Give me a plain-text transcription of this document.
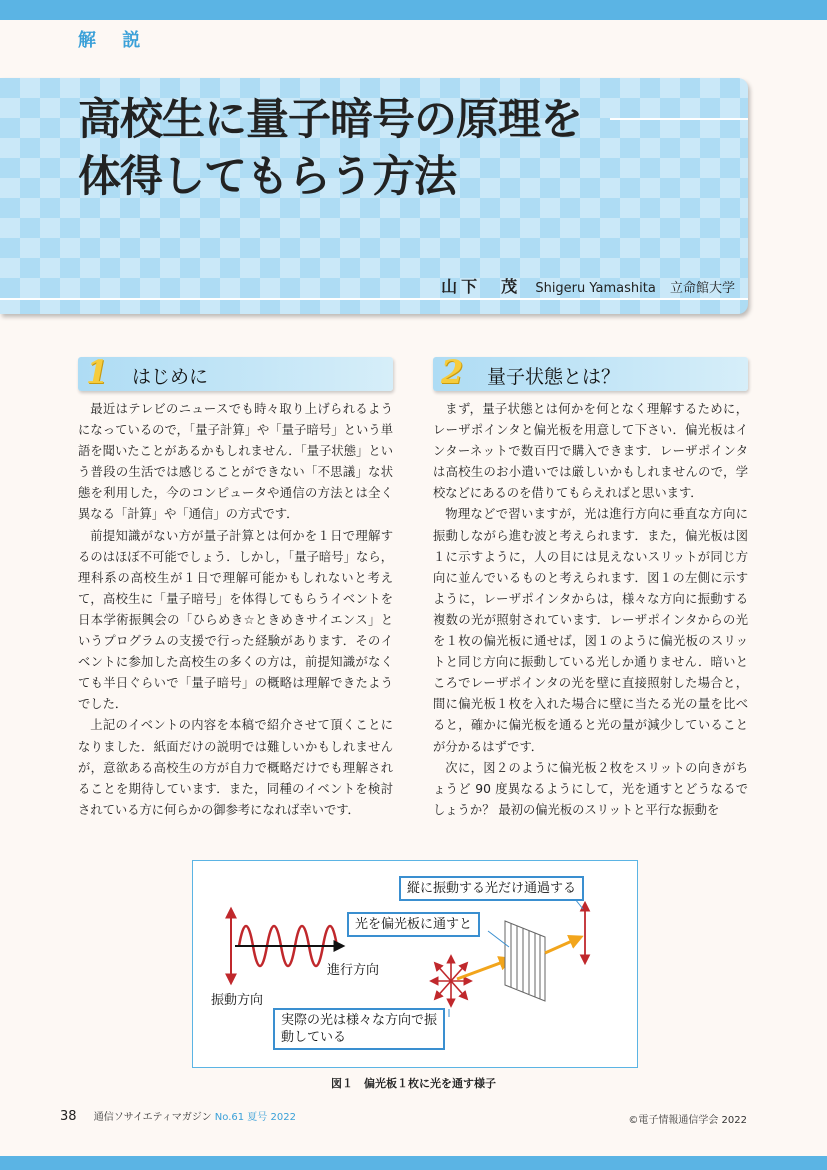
解 説
高校生に量子暗号の原理を
体得してもらう方法
山下　茂 Shigeru Yamashita 立命館大学
1 はじめに	2 量子状態とは？

最近はテレビのニュースでも時々取り上げられるようになっているので，「量子計算」や「量子暗号」という単語を聞いたことがあるかもしれません．「量子状態」という普段の生活では感じることができない「不思議」な状態を利用した，今のコンピュータや通信の方法とは全く異なる「計算」や「通信」の方式です．

前提知識がない方が量子計算とは何かを１日で理解するのはほぼ不可能でしょう．しかし，「量子暗号」なら，理科系の高校生が１日で理解可能かもしれないと考えて，高校生に「量子暗号」を体得してもらうイベントを日本学術振興会の「ひらめき☆ときめきサイエンス」というプログラムの支援で行った経験があります．そのイベントに参加した高校生の多くの方は，前提知識がなくても半日ぐらいで「量子暗号」の概略は理解できたようでした．

上記のイベントの内容を本稿で紹介させて頂くことになりました．紙面だけの説明では難しいかもしれませんが，意欲ある高校生の方が自力で概略だけでも理解されることを期待しています．また，同種のイベントを検討されている方に何らかの御参考になれば幸いです．

まず，量子状態とは何かを何となく理解するために，レーザポインタと偏光板を用意して下さい．偏光板はインターネットで数百円で購入できます．レーザポインタは高校生のお小遣いでは厳しいかもしれませんので，学校などにあるのを借りてもらえればと思います．

物理などで習いますが，光は進行方向に垂直な方向に振動しながら進む波と考えられます．また，偏光板は図１に示すように，人の目には見えないスリットが同じ方向に並んでいるものと考えられます．図１の左側に示すように，レーザポインタからは，様々な方向に振動する複数の光が照射されています．レーザポインタからの光を１枚の偏光板に通せば，図１のように偏光板のスリットと同じ方向に振動している光しか通りません．暗いところでレーザポインタの光を壁に直接照射した場合と，間に偏光板１枚を入れた場合に壁に当たる光の量を比べると，確かに偏光板を通ると光の量が減少していることが分かるはずです．

次に，図２のように偏光板２枚をスリットの向きがちょうど 90 度異なるようにして，光を通すとどうなるでしょうか？ 最初の偏光板のスリットと平行な振動を

縦に振動する光だけ通過する
光を偏光板に通すと
進行方向
振動方向
実際の光は様々な方向で振
動している
図１　偏光板１枚に光を通す様子
38 通信ソサイエティマガジン No.61 夏号 2022	©電子情報通信学会 2022
